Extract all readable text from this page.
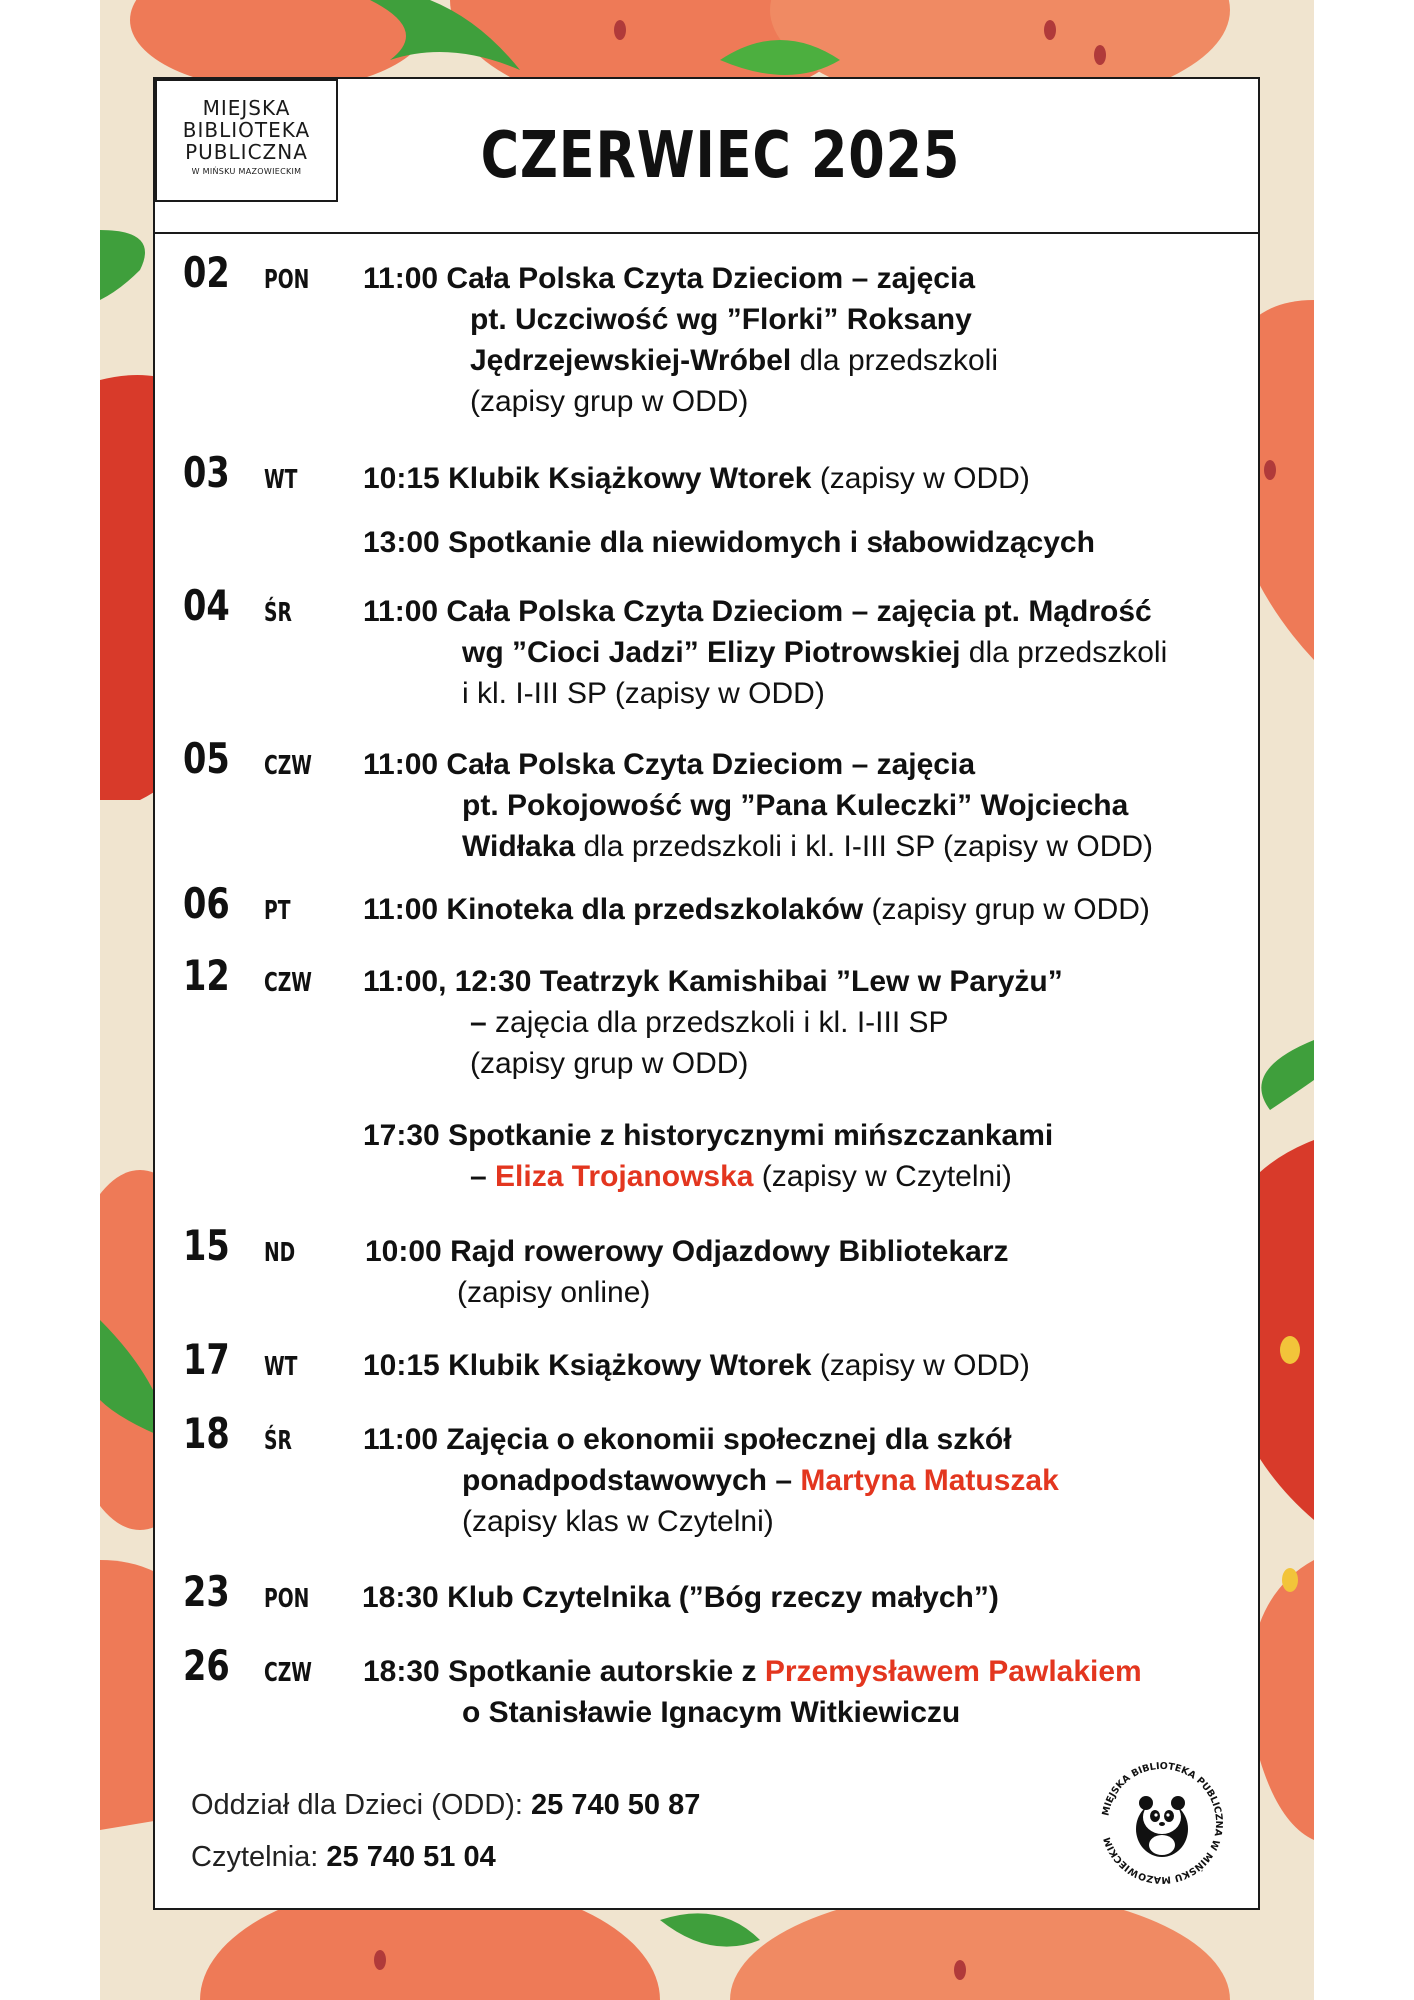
MIEJSKA
BIBLIOTEKA
PUBLICZNA
W MIŃSKU MAZOWIECKIM	CZERWIEC 2025
02 PON 11:00 Cała Polska Czyta Dzieciom – zajęcia

pt. Uczciwość wg ”Florki” Roksany

Jędrzejewskiej-Wróbel dla przedszkoli

(zapisy grup w ODD)

03 WT 10:15 Klubik Książkowy Wtorek (zapisy w ODD)

13:00 Spotkanie dla niewidomych i słabowidzących

04 ŚR 11:00 Cała Polska Czyta Dzieciom – zajęcia pt. Mądrość

wg ”Cioci Jadzi” Elizy Piotrowskiej dla przedszkoli

i kl. I-III SP (zapisy w ODD)

05 CZW 11:00 Cała Polska Czyta Dzieciom – zajęcia

pt. Pokojowość wg ”Pana Kuleczki” Wojciecha

Widłaka dla przedszkoli i kl. I-III SP (zapisy w ODD)

06 PT 11:00 Kinoteka dla przedszkolaków (zapisy grup w ODD)

12 CZW 11:00, 12:30 Teatrzyk Kamishibai ”Lew w Paryżu”

– zajęcia dla przedszkoli i kl. I-III SP

(zapisy grup w ODD)

17:30 Spotkanie z historycznymi mińszczankami

– Eliza Trojanowska (zapisy w Czytelni)

15 ND 10:00 Rajd rowerowy Odjazdowy Bibliotekarz

(zapisy online)

17 WT 10:15 Klubik Książkowy Wtorek (zapisy w ODD)

18 ŚR 11:00 Zajęcia o ekonomii społecznej dla szkół

ponadpodstawowych – Martyna Matuszak

(zapisy klas w Czytelni)

23 PON 18:30 Klub Czytelnika (”Bóg rzeczy małych”)

26 CZW 18:30 Spotkanie autorskie z Przemysławem Pawlakiem

o Stanisławie Ignacym Witkiewiczu

Oddział dla Dzieci (ODD): 25 740 50 87
Czytelnia: 25 740 51 04
MIEJSKA BIBLIOTEKA PUBLICZNA W MIŃSKU MAZOWIECKIM
